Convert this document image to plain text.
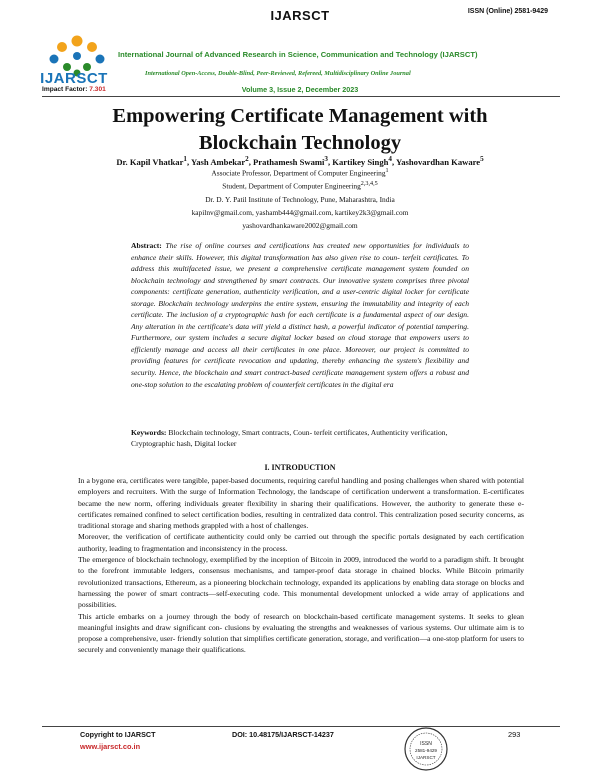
IJARSCT	ISSN (Online) 2581-9429
IJARSCT
International Journal of Advanced Research in Science, Communication and Technology (IJARSCT)
International Open-Access, Double-Blind, Peer-Reviewed, Refereed, Multidisciplinary Online Journal
Impact Factor: 7.301	Volume 3, Issue 2, December 2023
Empowering Certificate Management with
Blockchain Technology
Dr. Kapil Vhatkar$^1$, Yash Ambekar$^2$, Prathamesh Swami$^3$, Kartikey Singh$^4$, Yashovardhan Kaware$^5$
Associate Professor, Department of Computer Engineering$^1$
Student, Department of Computer Engineering$^{2,3,4,5}$
Dr. D. Y. Patil Institute of Technology, Pune, Maharashtra, India
kapilnv@gmail.com, yashamb444@gmail.com, kartikey2k3@gmail.com
yashovardhankaware2002@gmail.com
Abstract: The rise of online courses and certifications has created new opportunities for individuals to enhance their skills. However, this digital transformation has also given rise to coun- terfeit certificates. To address this multifaceted issue, we present a comprehensive certificate management system founded on blockchain technology and strengthened by smart contracts. Our innovative system comprises three pivotal components: certificate generation, authenticity verification, and a user-centric digital locker for certificate storage. Blockchain technology underpins the entire system, ensuring the immutability and integrity of each certificate. The inclusion of a cryptographic hash for each certificate is a fundamental aspect of our design. Any alteration in the certificate's data will yield a distinct hash, a powerful indicator of potential tampering. Furthermore, our system includes a secure digital locker based on cloud storage that empowers users to efficiently manage and access all their certificates in one place. Moreover, our project is committed to providing features for certificate revocation and updating, thereby enhancing the system's flexibility and security. Hence, the blockchain and smart contract-based certificate management system offers a robust and one-stop solution to the escalating problem of counterfeit certificates in the digital era
Keywords: Blockchain technology, Smart contracts, Coun- terfeit certificates, Authenticity verification, Cryptographic hash, Digital locker
I. INTRODUCTION

In a bygone era, certificates were tangible, paper-based documents, requiring careful handling and posing challenges when shared with potential employers and recruiters. With the surge of Information Technology, the landscape of certification underwent a transformation. E-certificates became the new norm, offering individuals greater flexibility in sharing their qualifications. However, the authority to generate these e-certificates remained confined to select certification bodies, resulting in centralized data control. This centralization posed security concerns, as traditional storage and sharing methods grappled with a host of challenges.

Moreover, the verification of certificate authenticity could only be carried out through the specific portals designated by each certification authority, leading to fragmentation and inconsistency in the process.

The emergence of blockchain technology, exemplified by the inception of Bitcoin in 2009, introduced the world to a paradigm shift. It brought to the forefront immutable ledgers, consensus mechanisms, and tamper-proof data storage in chained blocks. While Bitcoin primarily revolutionized transactions, Ethereum, as a pioneering blockchain technology, expanded its applications by enabling data storage on blocks and harnessing the power of smart contracts—self-executing code. This monumental development unlocked a wide array of applications and possibilities.

This article embarks on a journey through the body of research on blockchain-based certificate management systems. It seeks to glean meaningful insights and draw significant con- clusions by evaluating the strengths and weaknesses of various systems. Our ultimate aim is to propose a comprehensive, user- friendly solution that simplifies certificate generation, storage, and verification—a one-stop platform for users to securely and conveniently manage their qualifications.

Copyright to IJARSCT
www.ijarsct.co.in
DOI: 10.48175/IJARSCT-14237
ISSN
2581-9429
IJARSCT
293
